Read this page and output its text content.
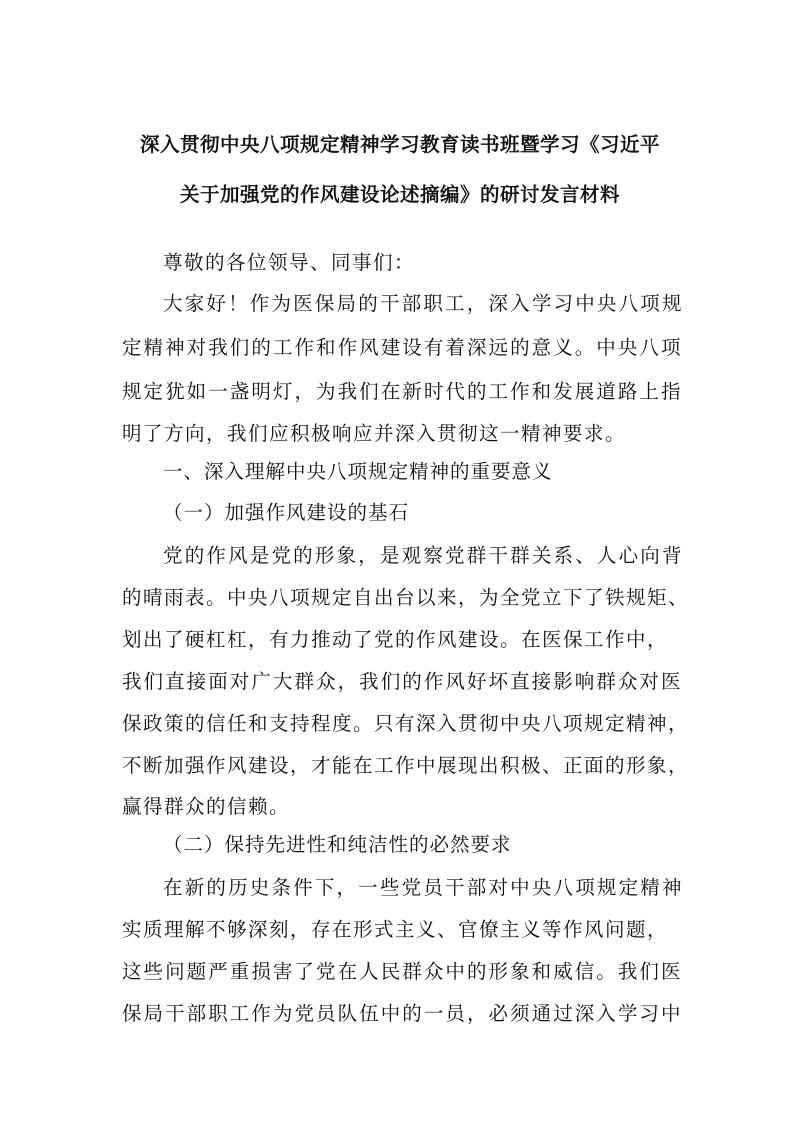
深入贯彻中央八项规定精神学习教育读书班暨学习《习近平
关于加强党的作风建设论述摘编》的研讨发言材料
尊敬的各位领导、同事们：
大家好！作为医保局的干部职工，深入学习中央八项规
定精神对我们的工作和作风建设有着深远的意义。中央八项
规定犹如一盏明灯，为我们在新时代的工作和发展道路上指
明了方向，我们应积极响应并深入贯彻这一精神要求。
一、深入理解中央八项规定精神的重要意义
（一）加强作风建设的基石
党的作风是党的形象，是观察党群干群关系、人心向背
的晴雨表。中央八项规定自出台以来，为全党立下了铁规矩、
划出了硬杠杠，有力推动了党的作风建设。在医保工作中，
我们直接面对广大群众，我们的作风好坏直接影响群众对医
保政策的信任和支持程度。只有深入贯彻中央八项规定精神，
不断加强作风建设，才能在工作中展现出积极、正面的形象，
赢得群众的信赖。
（二）保持先进性和纯洁性的必然要求
在新的历史条件下，一些党员干部对中央八项规定精神
实质理解不够深刻，存在形式主义、官僚主义等作风问题，
这些问题严重损害了党在人民群众中的形象和威信。我们医
保局干部职工作为党员队伍中的一员，必须通过深入学习中
